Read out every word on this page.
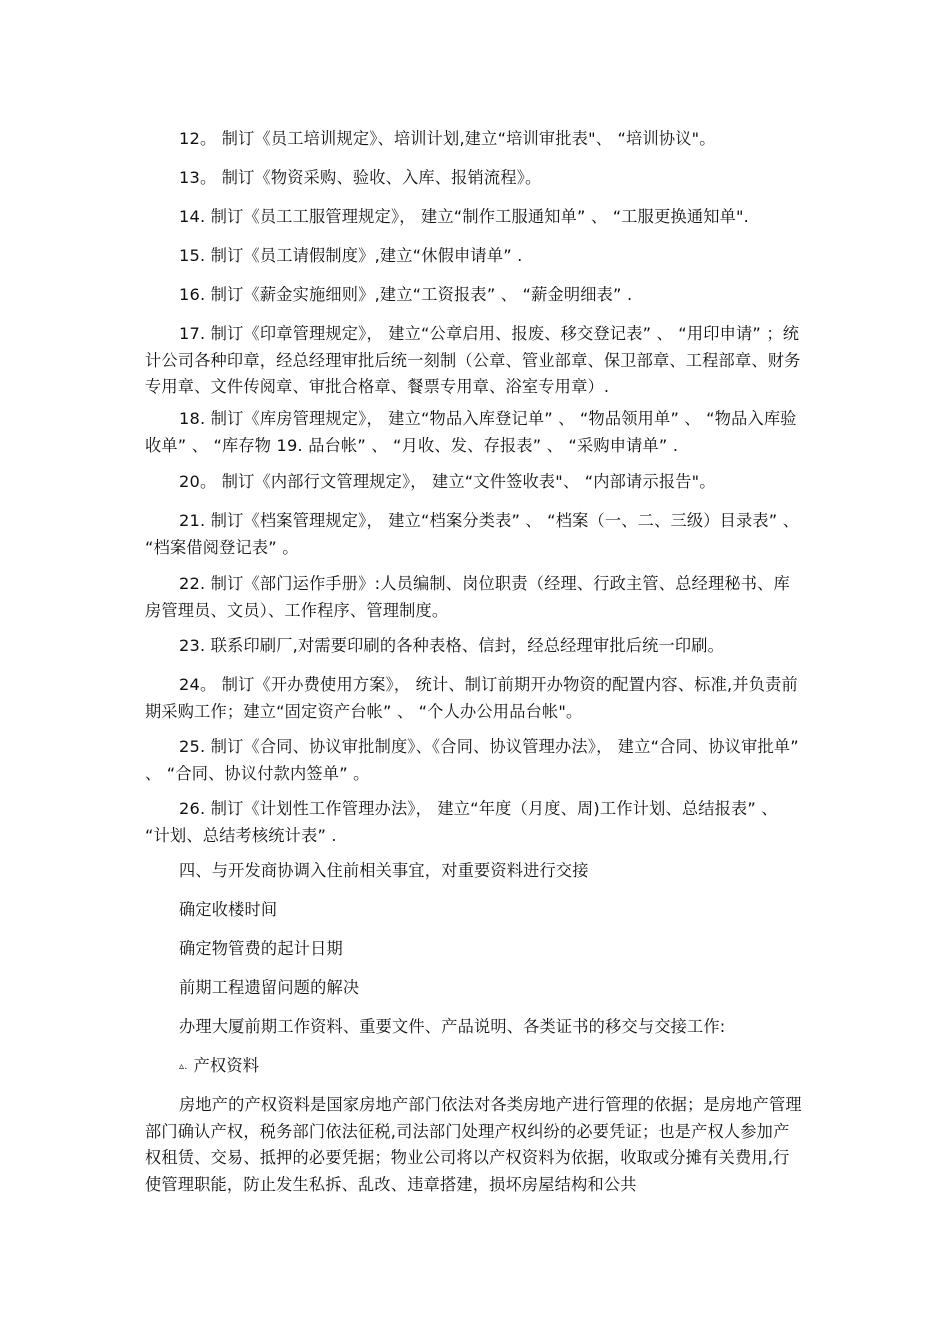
12。 制订《员工培训规定》、培训计划,建立“培训审批表"、 “培训协议"。

13。 制订《物资采购、验收、入库、报销流程》。

14. 制订《员工工服管理规定》， 建立“制作工服通知单” 、 “工服更换通知单".

15. 制订《员工请假制度》,建立“休假申请单” .

16. 制订《薪金实施细则》,建立“工资报表” 、 “薪金明细表” .

17. 制订《印章管理规定》， 建立“公章启用、报废、移交登记表” 、 “用印申请” ；统计公司各种印章，经总经理审批后统一刻制（公章、管业部章、保卫部章、工程部章、财务专用章、文件传阅章、审批合格章、餐票专用章、浴室专用章）.

18. 制订《库房管理规定》， 建立“物品入库登记单” 、 “物品领用单” 、 “物品入库验收单” 、 “库存物 19. 品台帐” 、 “月收、发、存报表” 、 “采购申请单” .

20。 制订《内部行文管理规定》， 建立“文件签收表"、 “内部请示报告"。

21. 制订《档案管理规定》， 建立“档案分类表” 、 “档案（一、二、三级）目录表” 、 “档案借阅登记表” 。

22. 制订《部门运作手册》:人员编制、岗位职责（经理、行政主管、总经理秘书、库房管理员、文员）、工作程序、管理制度。

23. 联系印刷厂,对需要印刷的各种表格、信封，经总经理审批后统一印刷。

24。 制订《开办费使用方案》， 统计、制订前期开办物资的配置内容、标准,并负责前期采购工作；建立“固定资产台帐” 、 “个人办公用品台帐"。

25. 制订《合同、协议审批制度》、《合同、协议管理办法》， 建立“合同、协议审批单” 、 “合同、协议付款内签单” 。

26. 制订《计划性工作管理办法》， 建立“年度（月度、周)工作计划、总结报表” 、 “计划、总结考核统计表” .

四、与开发商协调入住前相关事宜，对重要资料进行交接

确定收楼时间

确定物管费的起计日期

前期工程遗留问题的解决

办理大厦前期工作资料、重要文件、产品说明、各类证书的移交与交接工作:

▵. 产权资料

房地产的产权资料是国家房地产部门依法对各类房地产进行管理的依据；是房地产管理部门确认产权，税务部门依法征税,司法部门处理产权纠纷的必要凭证；也是产权人参加产权租赁、交易、抵押的必要凭据；物业公司将以产权资料为依据，收取或分摊有关费用,行使管理职能，防止发生私拆、乱改、违章搭建，损坏房屋结构和公共
